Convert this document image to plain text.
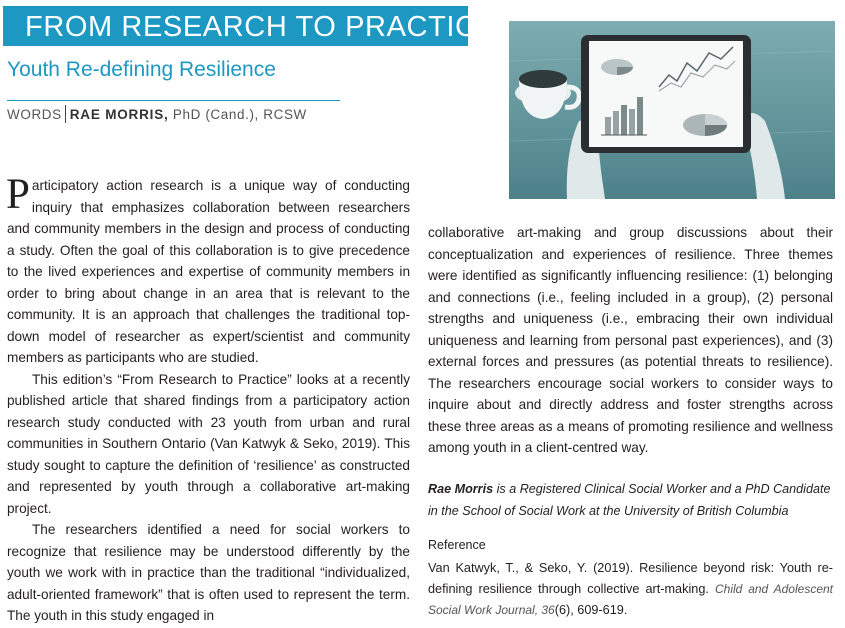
FROM RESEARCH TO PRACTICE
Youth Re-defining Resilience
WORDS RAE MORRIS, PhD (Cand.), RCSW

Participatory action research is a unique way of conducting inquiry that emphasizes collaboration between researchers and community members in the design and process of conducting a study. Often the goal of this collaboration is to give precedence to the lived experiences and expertise of community members in order to bring about change in an area that is relevant to the community. It is an approach that challenges the traditional top-down model of researcher as expert/scientist and community members as participants who are studied.

This edition’s “From Research to Practice” looks at a recently published article that shared findings from a participatory action research study conducted with 23 youth from urban and rural communities in Southern Ontario (Van Katwyk & Seko, 2019). This study sought to capture the definition of ‘resilience’ as constructed and represented by youth through a collaborative art-making project.

The researchers identified a need for social workers to recognize that resilience may be understood differently by the youth we work with in practice than the traditional “individualized, adult-oriented framework” that is often used to represent the term. The youth in this study engaged in

collaborative art-making and group discussions about their conceptualization and experiences of resilience. Three themes were identified as significantly influencing resilience: (1) belonging and connections (i.e., feeling included in a group), (2) personal strengths and uniqueness (i.e., embracing their own individual uniqueness and learning from personal past experiences), and (3) external forces and pressures (as potential threats to resilience). The researchers encourage social workers to consider ways to inquire about and directly address and foster strengths across these three areas as a means of promoting resilience and wellness among youth in a client-centred way.

Rae Morris is a Registered Clinical Social Worker and a PhD Candidate in the School of Social Work at the University of British Columbia
Reference
Van Katwyk, T., & Seko, Y. (2019). Resilience beyond risk: Youth re-defining resilience through collective art-making. Child and Adolescent Social Work Journal, 36(6), 609-619.
